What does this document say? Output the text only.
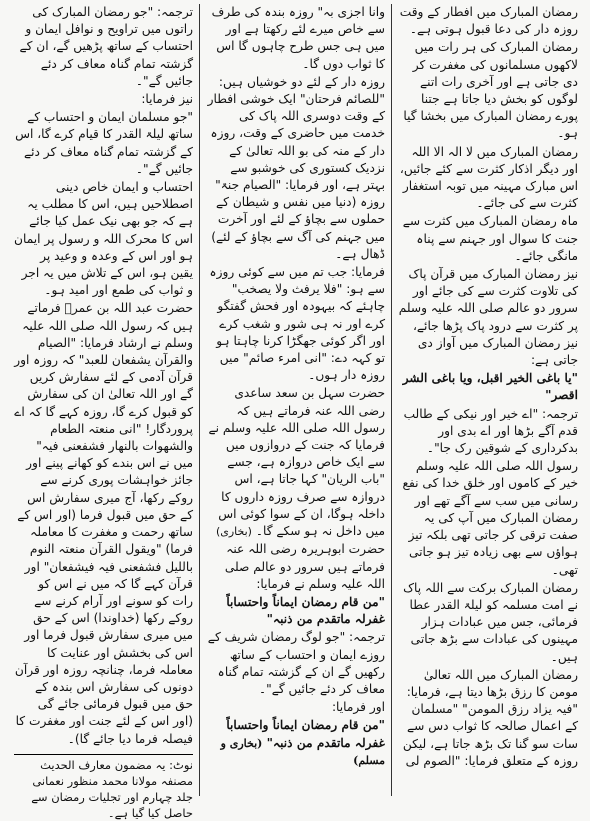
رمضان المبارک میں افطار کے وقت روزہ دار کی دعا قبول ہوتی ہے۔

رمضان المبارک کی ہر رات میں لاکھوں مسلمانوں کی مغفرت کر دی جاتی ہے اور آخری رات اتنے لوگوں کو بخش دیا جاتا ہے جتنا پورے رمضان المبارک میں بخشا گیا ہو۔

رمضان المبارک میں لا الہ الا اللہ اور دیگر اذکار کثرت سے کئے جائیں، اس مبارک مہینہ میں توبہ استغفار کثرت سے کی جائے۔

ماہ رمضان المبارک میں کثرت سے جنت کا سوال اور جہنم سے پناہ مانگی جائے۔

نیز رمضان المبارک میں قرآن پاک کی تلاوت کثرت سے کی جائے اور سرور دو عالم صلی اللہ علیہ وسلم پر کثرت سے درود پاک پڑھا جائے، نیز رمضان المبارک میں آواز دی جاتی ہے:

"یا باغی الخیر اقبل، ویا باغی الشر اقصر"

ترجمہ: "اے خیر اور نیکی کے طالب قدم آگے بڑھا اور اے بدی اور بدکرداری کے شوقین رک جا"۔

رسول اللہ صلی اللہ علیہ وسلم خیر کے کاموں اور خلق خدا کی نفع رسانی میں سب سے آگے تھے اور رمضان المبارک میں آپ کی یہ صفت ترقی کر جاتی تھی بلکہ تیز ہواؤں سے بھی زیادہ تیز ہو جاتی تھی۔

رمضان المبارک برکت سے اللہ پاک نے امت مسلمہ کو لیلۃ القدر عطا فرمائی، جس میں عبادات ہزار مہینوں کی عبادات سے بڑھ جاتی ہیں۔

رمضان المبارک میں اللہ تعالیٰ مومن کا رزق بڑھا دیتا ہے، فرمایا: "فیہ یزاد رزق المومن" "مسلمان کے اعمال صالحہ کا ثواب دس سے سات سو گنا تک بڑھ جاتا ہے، لیکن روزہ کے متعلق فرمایا: "الصوم لی

وانا اجزی بہ" روزہ بندہ کی طرف سے خاص میرے لئے رکھتا ہے اور میں ہی جس طرح چاہوں گا اس کا ثواب دوں گا۔

روزہ دار کے لئے دو خوشیاں ہیں: "للصائم فرحتان" ایک خوشی افطار کے وقت دوسری اللہ پاک کی خدمت میں حاضری کے وقت، روزہ دار کے منہ کی بو اللہ تعالیٰ کے نزدیک کستوری کی خوشبو سے بہتر ہے، اور فرمایا: "الصیام جنۃ" روزہ (دنیا میں نفس و شیطان کے حملوں سے بچاؤ کے لئے اور آخرت میں جہنم کی آگ سے بچاؤ کے لئے) ڈھال ہے۔

فرمایا: جب تم میں سے کوئی روزہ سے ہو: "فلا یرفث ولا یصخب" چاہئے کہ بیہودہ اور فحش گفتگو کرے اور نہ ہی شور و شغب کرے اور اگر کوئی جھگڑا کرنا چاہتا ہو تو کہہ دے: "انی امرء صائم" میں روزہ دار ہوں۔

حضرت سہل بن سعد ساعدی رضی اللہ عنہ فرماتے ہیں کہ رسول اللہ صلی اللہ علیہ وسلم نے فرمایا کہ جنت کے دروازوں میں سے ایک خاص دروازہ ہے، جسے "باب الریان" کہا جاتا ہے، اس دروازہ سے صرف روزہ داروں کا داخلہ ہوگا، ان کے سوا کوئی اس میں داخل نہ ہو سکے گا۔ (بخاری)

حضرت ابوہریرہ رضی اللہ عنہ فرماتے ہیں سرور دو عالم صلی اللہ علیہ وسلم نے فرمایا:

"من قام رمضان ایماناً واحتساباً غفرلہ ماتقدم من ذنبہ"

ترجمہ: "جو لوگ رمضان شریف کے روزے ایمان و احتساب کے ساتھ رکھیں گے ان کے گزشتہ تمام گناہ معاف کر دئے جائیں گے"۔

اور فرمایا:

"من قام رمضان ایماناً واحتساباً غفرلہ ماتقدم من ذنبہ" (بخاری و مسلم)

ترجمہ: "جو رمضان المبارک کی راتوں میں تراویح و نوافل ایمان و احتساب کے ساتھ پڑھیں گے، ان کے گزشتہ تمام گناہ معاف کر دئے جائیں گے"۔

نیز فرمایا:

"جو مسلمان ایمان و احتساب کے ساتھ لیلۃ القدر کا قیام کرے گا، اس کے گزشتہ تمام گناہ معاف کر دئے جائیں گے"۔

احتساب و ایمان خاص دینی اصطلاحیں ہیں، اس کا مطلب یہ ہے کہ جو بھی نیک عمل کیا جائے اس کا محرک اللہ و رسول پر ایمان ہو اور اس کے وعدہ و وعید پر یقین ہو، اس کے تلاش میں یہ اجر و ثواب کی طمع اور امید ہو۔

حضرت عبد اللہ بن عمرؓ فرماتے ہیں کہ رسول اللہ صلی اللہ علیہ وسلم نے ارشاد فرمایا: "الصیام والقرآن یشفعان للعبد" کہ روزہ اور قرآن آدمی کے لئے سفارش کریں گے اور اللہ تعالیٰ ان کی سفارش کو قبول کرے گا، روزہ کہے گا کہ اے پروردگار! "انی منعتہ الطعام والشھوات بالنھار فشفعنی فیہ" میں نے اس بندے کو کھانے پینے اور جائز خواہشات پوری کرنے سے روکے رکھا، آج میری سفارش اس کے حق میں قبول فرما (اور اس کے ساتھ رحمت و مغفرت کا معاملہ فرما) "ویقول القرآن منعتہ النوم باللیل فشفعنی فیہ فیشفعان" اور قرآن کہے گا کہ میں نے اس کو رات کو سونے اور آرام کرنے سے روکے رکھا (خداوندا) اس کے حق میں میری سفارش قبول فرما اور اس کی بخشش اور عنایت کا معاملہ فرما، چنانچہ روزہ اور قرآن دونوں کی سفارش اس بندہ کے حق میں قبول فرمائی جائے گی (اور اس کے لئے جنت اور مغفرت کا فیصلہ فرما دیا جائے گا)۔

نوٹ: یہ مضمون معارف الحدیث مصنفہ مولانا محمد منظور نعمانی جلد چہارم اور تجلیات رمضان سے حاصل کیا گیا ہے۔
